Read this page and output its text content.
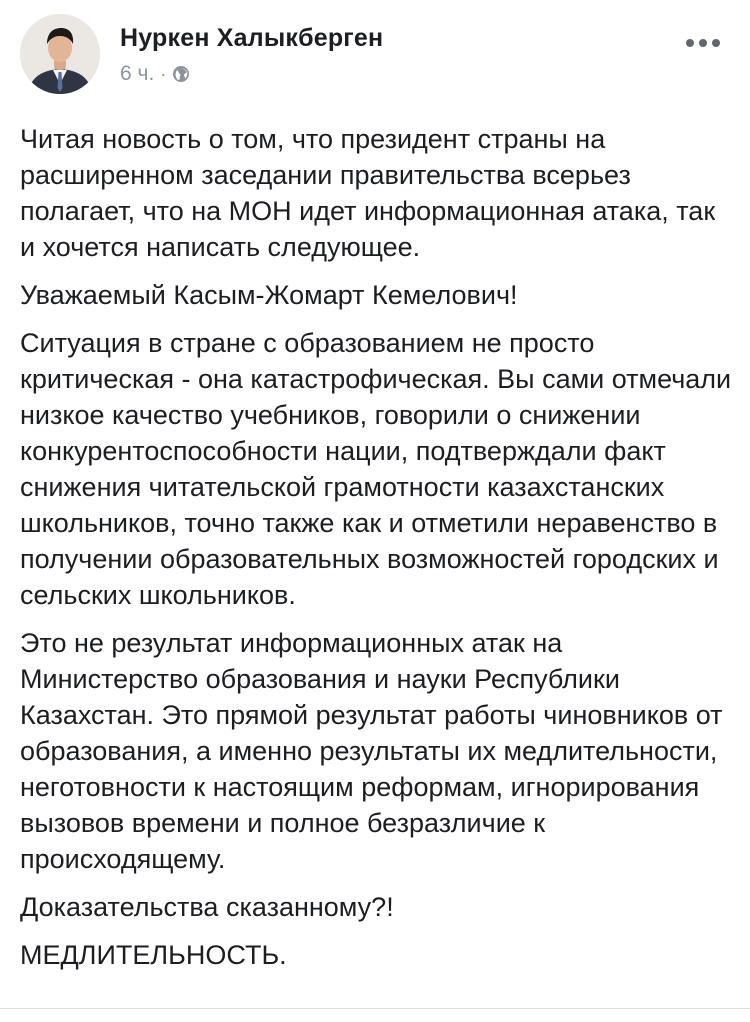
Нуркен Халыкберген
6 ч. ·

Читая новость о том, что президент страны на расширенном заседании правительства всерьез полагает, что на МОН идет информационная атака, так и хочется написать следующее.

Уважаемый Касым-Жомарт Кемелович!

Ситуация в стране с образованием не просто критическая - она катастрофическая. Вы сами отмечали низкое качество учебников, говорили о снижении конкурентоспособности нации, подтверждали факт снижения читательской грамотности казахстанских школьников, точно также как и отметили неравенство в получении образовательных возможностей городских и сельских школьников.

Это не результат информационных атак на Министерство образования и науки Республики Казахстан. Это прямой результат работы чиновников от образования, а именно результаты их медлительности, неготовности к настоящим реформам, игнорирования вызовов времени и полное безразличие к происходящему.

Доказательства сказанному?!

МЕДЛИТЕЛЬНОСТЬ.
